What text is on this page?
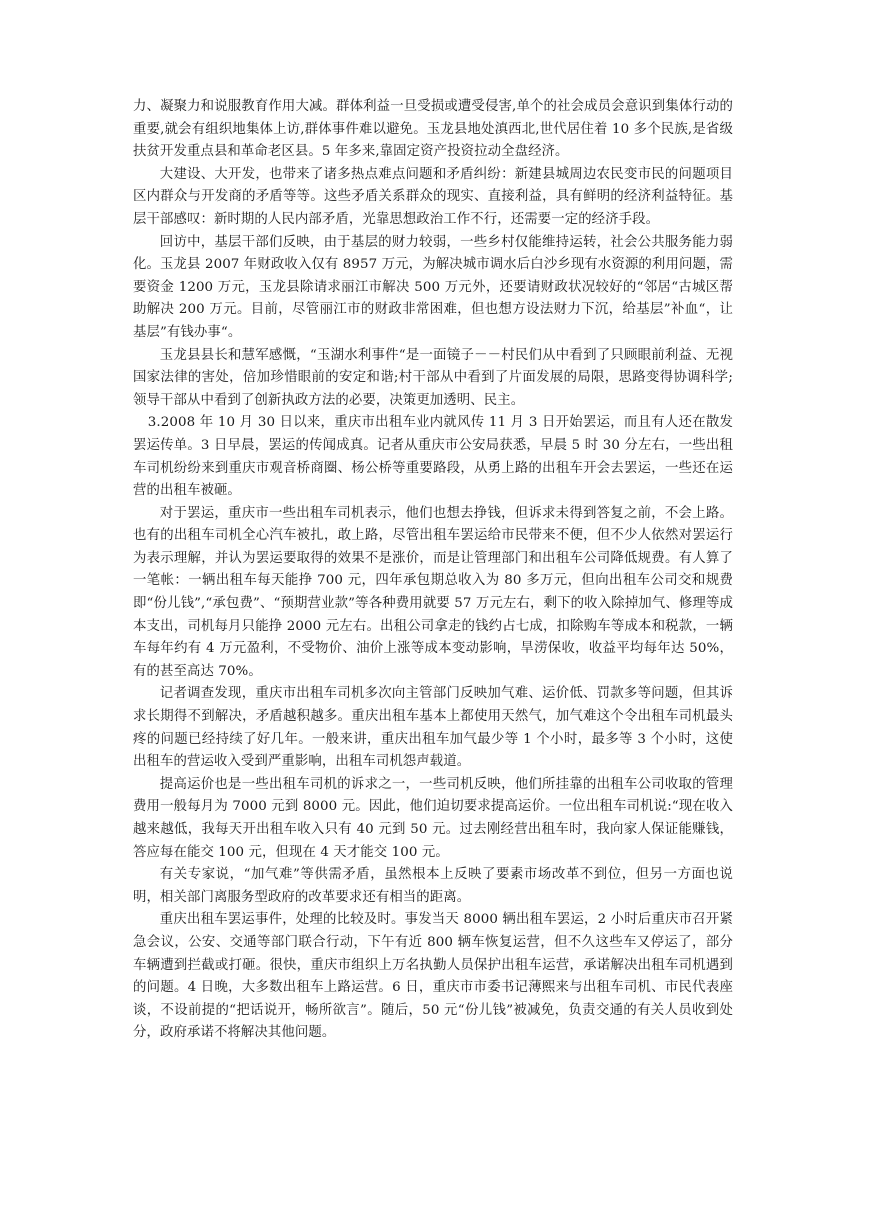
力、凝聚力和说服教育作用大减。群体利益一旦受损或遭受侵害,单个的社会成员会意识到集体行动的重要,就会有组织地集体上访,群体事件难以避免。玉龙县地处滇西北,世代居住着 10 多个民族,是省级扶贫开发重点县和革命老区县。5 年多来,靠固定资产投资拉动全盘经济。

大建设、大开发，也带来了诸多热点难点问题和矛盾纠纷：新建县城周边农民变市民的问题项目区内群众与开发商的矛盾等等。这些矛盾关系群众的现实、直接利益，具有鲜明的经济利益特征。基层干部感叹：新时期的人民内部矛盾，光靠思想政治工作不行，还需要一定的经济手段。

回访中，基层干部们反映，由于基层的财力较弱，一些乡村仅能维持运转，社会公共服务能力弱化。玉龙县 2007 年财政收入仅有 8957 万元，为解决城市调水后白沙乡现有水资源的利用问题，需要资金 1200 万元，玉龙县除请求丽江市解决 500 万元外，还要请财政状况较好的“邻居“古城区帮助解决 200 万元。目前，尽管丽江市的财政非常困难，但也想方设法财力下沉，给基层”补血“，让基层”有钱办事“。

玉龙县县长和慧军感慨，“玉湖水利事件“是一面镜子－－村民们从中看到了只顾眼前利益、无视国家法律的害处，倍加珍惜眼前的安定和谐;村干部从中看到了片面发展的局限，思路变得协调科学;领导干部从中看到了创新执政方法的必要，决策更加透明、民主。

3.2008 年 10 月 30 日以来，重庆市出租车业内就风传 11 月 3 日开始罢运，而且有人还在散发罢运传单。3 日早晨，罢运的传闻成真。记者从重庆市公安局获悉，早晨 5 时 30 分左右，一些出租车司机纷纷来到重庆市观音桥商圈、杨公桥等重要路段，从勇上路的出租车开会去罢运，一些还在运营的出租车被砸。

对于罢运，重庆市一些出租车司机表示，他们也想去挣钱，但诉求未得到答复之前，不会上路。也有的出租车司机全心汽车被扎，敢上路，尽管出租车罢运给市民带来不便，但不少人依然对罢运行为表示理解，并认为罢运要取得的效果不是涨价，而是让管理部门和出租车公司降低规费。有人算了一笔帐：一辆出租车每天能挣 700 元，四年承包期总收入为 80 多万元，但向出租车公司交和规费即“份儿钱”,“承包费”、“预期营业款”等各种费用就要 57 万元左右，剩下的收入除掉加气、修理等成本支出，司机每月只能挣 2000 元左右。出租公司拿走的钱约占七成，扣除购车等成本和税款，一辆车每年约有 4 万元盈利，不受物价、油价上涨等成本变动影响，旱涝保收，收益平均每年达 50%，有的甚至高达 70%。

记者调查发现，重庆市出租车司机多次向主管部门反映加气难、运价低、罚款多等问题，但其诉求长期得不到解决，矛盾越积越多。重庆出租车基本上都使用天然气，加气难这个令出租车司机最头疼的问题已经持续了好几年。一般来讲，重庆出租车加气最少等 1 个小时，最多等 3 个小时，这使出租车的营运收入受到严重影响，出租车司机怨声载道。

提高运价也是一些出租车司机的诉求之一，一些司机反映，他们所挂靠的出租车公司收取的管理费用一般每月为 7000 元到 8000 元。因此，他们迫切要求提高运价。一位出租车司机说:“现在收入越来越低，我每天开出租车收入只有 40 元到 50 元。过去刚经营出租车时，我向家人保证能赚钱，答应每在能交 100 元，但现在 4 天才能交 100 元。

有关专家说，“加气难”等供需矛盾，虽然根本上反映了要素市场改革不到位，但另一方面也说明，相关部门离服务型政府的改革要求还有相当的距离。

重庆出租车罢运事件，处理的比较及时。事发当天 8000 辆出租车罢运，2 小时后重庆市召开紧急会议，公安、交通等部门联合行动，下午有近 800 辆车恢复运营，但不久这些车又停运了，部分车辆遭到拦截或打砸。很快，重庆市组织上万名执勤人员保护出租车运营，承诺解决出租车司机遇到的问题。4 日晚，大多数出租车上路运营。6 日，重庆市市委书记薄熙来与出租车司机、市民代表座谈，不设前提的“把话说开，畅所欲言”。随后，50 元“份儿钱”被减免，负责交通的有关人员收到处分，政府承诺不将解决其他问题。
